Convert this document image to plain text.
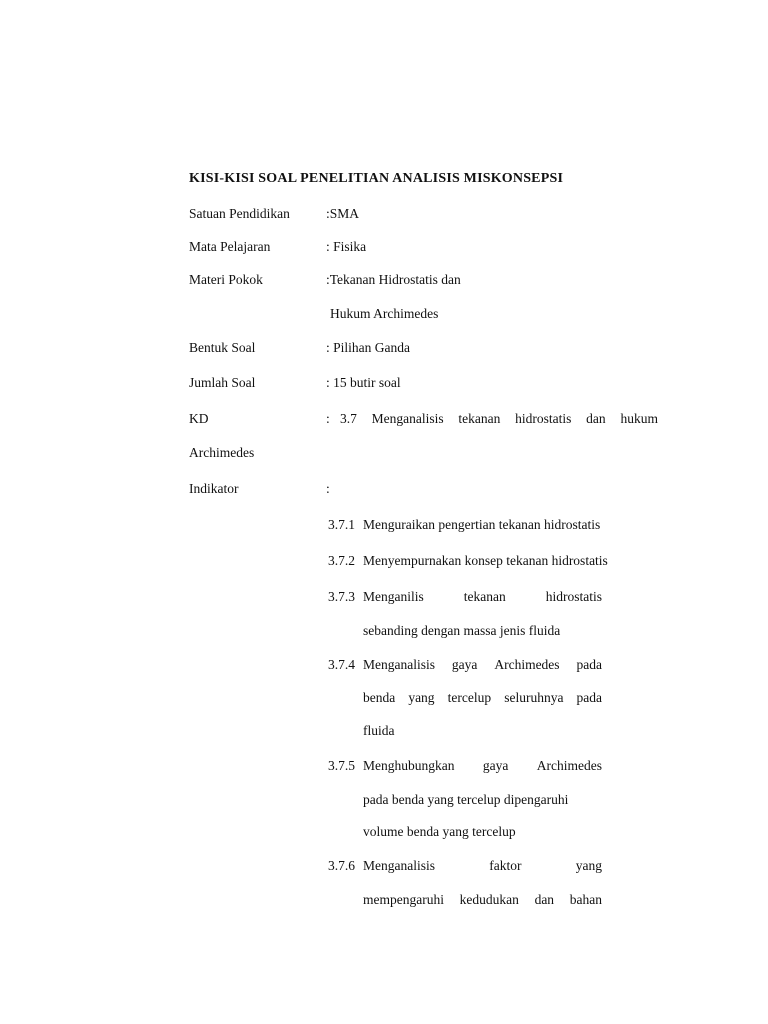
KISI-KISI SOAL PENELITIAN ANALISIS MISKONSEPSI
Satuan Pendidikan	:SMA
Mata Pelajaran	: Fisika
Materi Pokok	:Tekanan Hidrostatis dan
Hukum Archimedes
Bentuk Soal	: Pilihan Ganda
Jumlah Soal	: 15 butir soal
KD	: 3.7 Menganalisis tekanan hidrostatis dan hukum
Archimedes
Indikator	:
3.7.1 Menguraikan pengertian tekanan hidrostatis
3.7.2 Menyempurnakan konsep tekanan hidrostatis
3.7.3 Menganilis	tekanan	hidrostatis
sebanding dengan massa jenis fluida
3.7.4 Menganalisis gaya Archimedes pada
benda yang tercelup seluruhnya pada
fluida
3.7.5 Menghubungkan gaya Archimedes
pada benda yang tercelup dipengaruhi
volume benda yang tercelup
3.7.6 Menganalisis	faktor	yang
mempengaruhi kedudukan dan bahan
